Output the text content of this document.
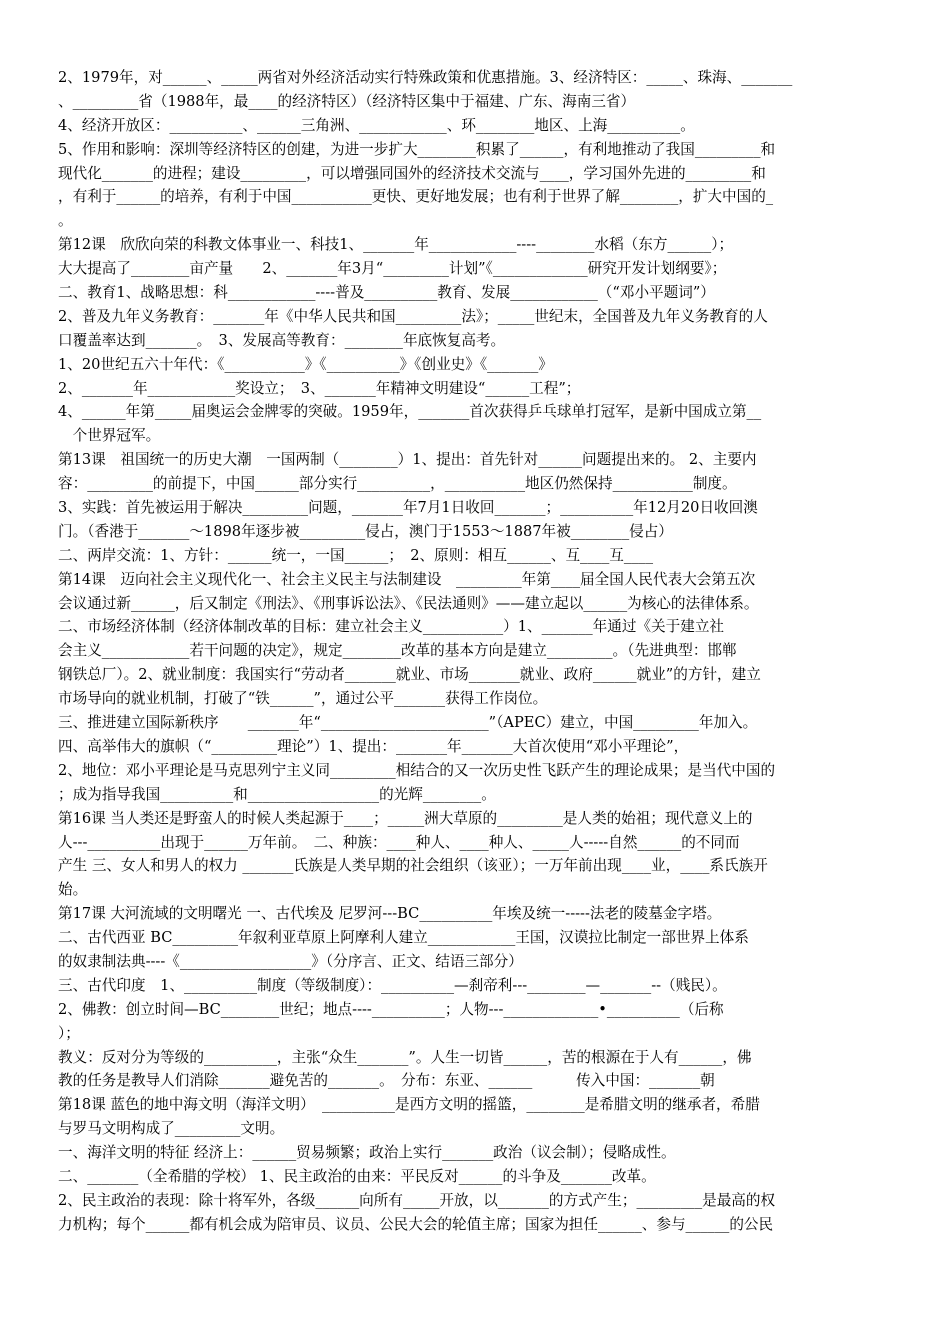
2、1979年，对______、_____两省对外经济活动实行特殊政策和优惠措施。3、经济特区：_____、珠海、_______
、_________省（1988年，最____的经济特区）（经济特区集中于福建、广东、海南三省）
4、经济开放区：__________、______三角洲、____________、环________地区、上海__________。
5、作用和影响：深圳等经济特区的创建，为进一步扩大________积累了______，有利地推动了我国_________和
现代化_______的进程；建设_________，可以增强同国外的经济技术交流与____，学习国外先进的_________和
，有利于______的培养，有利于中国___________更快、更好地发展；也有利于世界了解________，扩大中国的_
。
第12课　欣欣向荣的科教文体事业一、科技1、_______年____________----________水稻（东方______）；
大大提高了________亩产量　　2、_______年3月“_________计划”《_____________研究开发计划纲要》；
二、教育1、战略思想：科____________----普及__________教育、发展____________（“邓小平题词”）
2、普及九年义务教育：_______年《中华人民共和国_________法》；_____世纪末，全国普及九年义务教育的人
口覆盖率达到_______。　3、发展高等教育：________年底恢复高考。
1、20世纪五六十年代：《___________》《__________》《创业史》《_______》
2、_______年____________奖设立；　3、_______年精神文明建设“______工程”；
4、______年第_____届奥运会金牌零的突破。1959年，_______首次获得乒乓球单打冠军，是新中国成立第__
　个世界冠军。
第13课　祖国统一的历史大潮　一国两制（________）1、提出：首先针对______问题提出来的。 2、主要内
容：_________的前提下，中国______部分实行__________，___________地区仍然保持___________制度。
3、实践：首先被运用于解决_________问题，_______年7月1日收回_______；__________年12月20日收回澳
门。（香港于_______～1898年逐步被_________侵占，澳门于1553～1887年被________侵占）
二、两岸交流：1、方针：______统一，一国______；　2、原则：相互______、互____互____
第14课　迈向社会主义现代化一、社会主义民主与法制建设　_________年第____届全国人民代表大会第五次
会议通过新______，后又制定《刑法》、《刑事诉讼法》、《民法通则》——建立起以______为核心的法律体系。
二、市场经济体制（经济体制改革的目标：建立社会主义___________）1、_______年通过《关于建立社
会主义____________若干问题的决定》，规定________改革的基本方向是建立_________。（先进典型：邯郸
钢铁总厂）。2、就业制度：我国实行“劳动者_______就业、市场_______就业、政府______就业”的方针，建立
市场导向的就业机制，打破了“铁______”，通过公平_______获得工作岗位。
三、推进建立国际新秩序　　_______年“_______________________”（APEC）建立，中国_________年加入。
四、高举伟大的旗帜（“_________理论”）1、提出：_______年_______大首次使用“邓小平理论”，
2、地位：邓小平理论是马克思列宁主义同_________相结合的又一次历史性飞跃产生的理论成果；是当代中国的
；成为指导我国__________和__________________的光辉________。
第16课 当人类还是野蛮人的时候人类起源于____；_____洲大草原的_________是人类的始祖；现代意义上的
人---__________出现于______万年前。　二、种族：____种人、____种人、_____人-----自然______的不同而
产生 三、女人和男人的权力 _______氏族是人类早期的社会组织（该亚）；一万年前出现____业，____系氏族开
始。
第17课 大河流域的文明曙光 一、古代埃及 尼罗河---BC__________年埃及统一-----法老的陵墓金字塔。
二、古代西亚 BC_________年叙利亚草原上阿摩利人建立____________王国，汉谟拉比制定一部世界上体系
的奴隶制法典----《__________________》（分序言、正文、结语三部分）
三、古代印度　1、__________制度（等级制度）：__________—刹帝利---________—_______--（贱民）。
2、佛教：创立时间—BC________世纪；地点----__________；人物---_____________•__________（后称
）；
教义：反对分为等级的__________，主张“众生_______”。人生一切皆______，苦的根源在于人有______，佛
教的任务是教导人们消除_______避免苦的_______。　分布：东亚、______　　　传入中国：_______朝
第18课 蓝色的地中海文明（海洋文明）　__________是西方文明的摇篮，________是希腊文明的继承者，希腊
与罗马文明构成了_________文明。
一、海洋文明的特征 经济上：______贸易频繁；政治上实行_______政治（议会制）；侵略成性。
二、_______（全希腊的学校） 1、民主政治的由来：平民反对______的斗争及_______改革。
2、民主政治的表现：除十将军外，各级______向所有_____开放，以_______的方式产生；_________是最高的权
力机构；每个______都有机会成为陪审员、议员、公民大会的轮值主席；国家为担任______、参与______的公民
